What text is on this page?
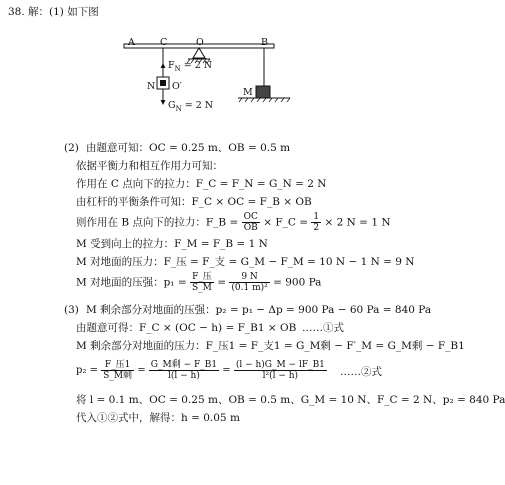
38. 解：(1) 如下图
A	C	O	B
N O′
M
$F_N = 2$ N
$G_N = 2$ N
(2) 由题意可知：OC = 0.25 m、OB = 0.5 m
依据平衡力和相互作用力可知：
作用在 C 点向下的拉力：F_C = F_N = G_N = 2 N
由杠杆的平衡条件可知：F_C × OC = F_B × OB
则作用在 B 点向下的拉力：F_B = $\frac{OC}{OB}$ × F_C = $\frac{1}{2} \times 2$ N = 1 N
M 受到向上的拉力：F_M = F_B = 1 N
M 对地面的压力：F_压 = F_支 = G_M − F_M = 10 N − 1 N = 9 N
M 对地面的压强：$p_1 = \frac{\text{F\_压}}{S\_M} = \frac{9 N}{\text{(0.1 m)²}} = 900$ Pa
(3) M 剩余部分对地面的压强：p₂ = p₁ − Δp = 900 Pa − 60 Pa = 840 Pa
由题意可得：F_C × (OC − h) = F_B1 × OB ……①式
M 剩余部分对地面的压力：F_压1 = F_支1 = G_M剩 − F′_M = G_M剩 − F_B1
$p_2 = \frac{\text{F\_压1}}{\text{S\_M剩}} = \frac{\text{G\_M剩 − F\_B1}}{l(l - h)} = \frac{(l - h)G\_M - lF\_B1}{\text{l²(l − h)}}$ ……②式
将 l = 0.1 m、OC = 0.25 m、OB = 0.5 m、G_M = 10 N、F_C = 2 N、p₂ = 840 Pa
代入①②式中，解得：h = 0.05 m
